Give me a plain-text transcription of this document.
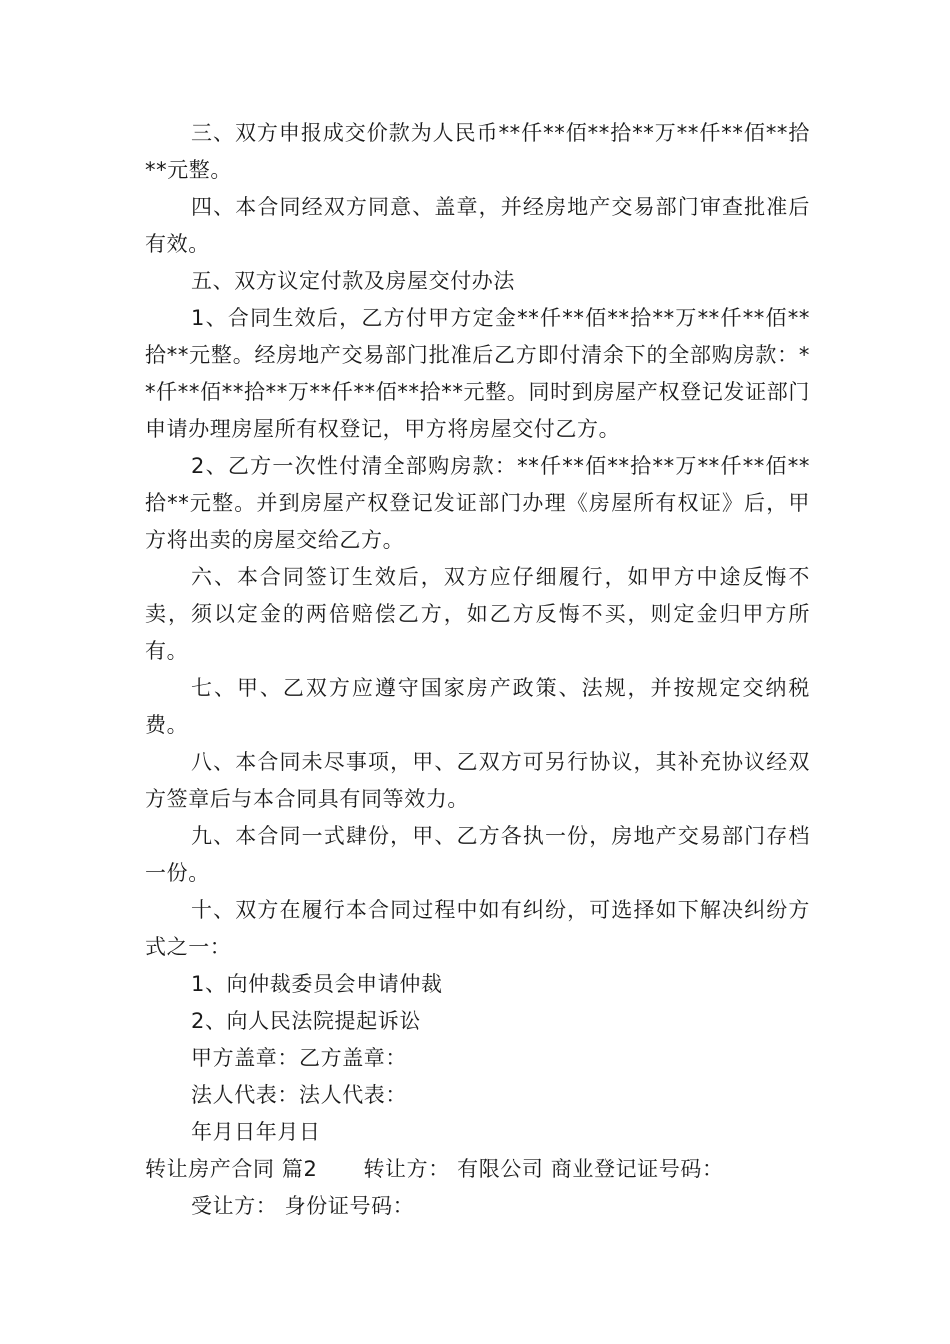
三、双方申报成交价款为人民币**仟**佰**拾**万**仟**佰**拾**元整。

四、本合同经双方同意、盖章，并经房地产交易部门审查批准后有效。

五、双方议定付款及房屋交付办法

1、合同生效后，乙方付甲方定金**仟**佰**拾**万**仟**佰**拾**元整。经房地产交易部门批准后乙方即付清余下的全部购房款：**仟**佰**拾**万**仟**佰**拾**元整。同时到房屋产权登记发证部门申请办理房屋所有权登记，甲方将房屋交付乙方。

2、乙方一次性付清全部购房款：**仟**佰**拾**万**仟**佰**拾**元整。并到房屋产权登记发证部门办理《房屋所有权证》后，甲方将出卖的房屋交给乙方。

六、本合同签订生效后，双方应仔细履行，如甲方中途反悔不卖，须以定金的两倍赔偿乙方，如乙方反悔不买，则定金归甲方所有。

七、甲、乙双方应遵守国家房产政策、法规，并按规定交纳税费。

八、本合同未尽事项，甲、乙双方可另行协议，其补充协议经双方签章后与本合同具有同等效力。

九、本合同一式肆份，甲、乙方各执一份，房地产交易部门存档一份。

十、双方在履行本合同过程中如有纠纷，可选择如下解决纠纷方式之一：

1、向仲裁委员会申请仲裁

2、向人民法院提起诉讼

甲方盖章：乙方盖章：

法人代表：法人代表：

年月日年月日

转让房产合同 篇2 转让方： 有限公司 商业登记证号码：

受让方： 身份证号码：
